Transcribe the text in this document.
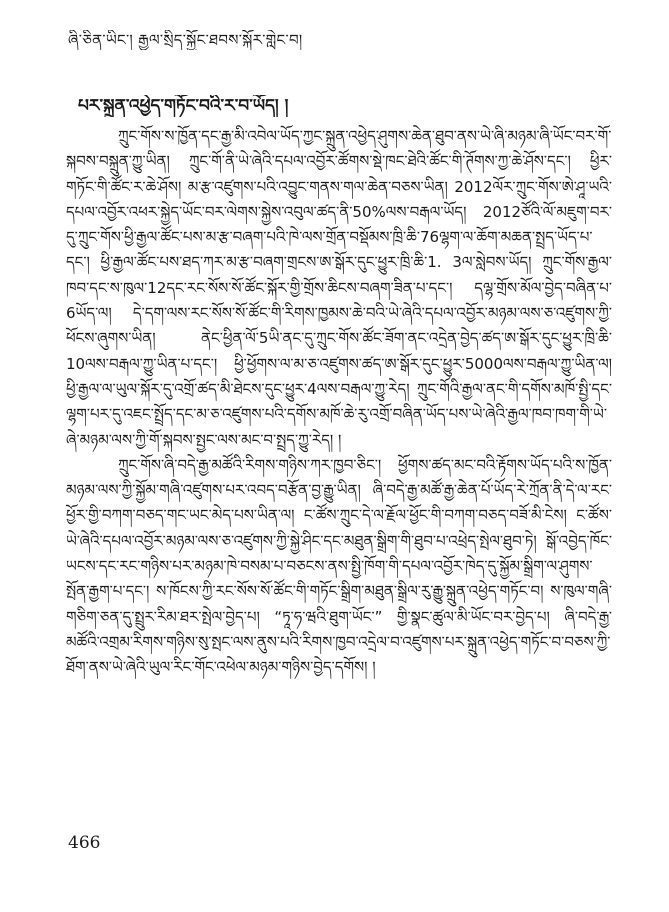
ཞི་ཅིན་ཡིང་། རྒྱལ་སྲིད་སྐྱོང་ཐབས་སྐོར་གླེང་བ།
པར་སྐྲུན་འཕྱེད་གཏོང་བའི་ར་བ་ཡོད། །

ཀྲུང་གོས་ས་ཁྱོན་དང་རྒྱ་མི་འབེལ་ཡོད་ཀྱང་སྐྲུན་འཕྱེད་ཤུགས་ཆེན་ཐུབ་ནས་ཡེ་ཞི་མཉམ་ཞི་ཡོང་བར་གོ་སྐབས་བསྐྲུན་ཀྱུ་ཡིན། ཀྲུང་གོ་ནི་ཡེ་ཞེའི་དཔལ་འབྱོར་ཚོགས་སྡེ་ཁང་ཐེའི་ཚོང་གི་ཊོགས་ཀྱ་ཆེ་ཤོས་དང་། ཕྱིར་གཏོང་གི་ཚོང་ར་ཆེ་ཤོས། མ་རྩ་འཛུགས་པའི་འབྱུང་གནས་གལ་ཆེན་བཅས་ཡིན། 2012ལོར་ཀྲུང་གོས་ཨེ་ཤཱ་ཡའི་དཔལ་འབྱོར་འཕར་སྐྱེད་ཡོང་བར་ལེགས་སྐྱེས་འབུལ་ཚད་ནི་50%ལས་བརྒལ་ཡོད། 2012ཙོའི་ལོ་མཇུག་བར་དུ་ཀྲུང་གོས་ཕྱི་རྒྱལ་ཚོང་པས་མ་རྩ་བཞག་པའི་ཁེ་ལས་གྲོན་བསྡོམས་ཁྲི་ཆི་76ལྷག་ལ་ཆོག་མཆན་སྤྲད་ཡོད་པ་དང་། ཕྱི་རྒྱལ་ཚོང་པས་ཐད་ཀར་མ་རྩ་བཞག་གྲངས་ཨ་སྒོར་དུང་ཕྱུར་ཁྲི་ཆི་1. 3ལ་སླེབས་ཡོད། ཀྲུང་གོས་རྒྱལ་ཁབ་དང་ས་ཁུལ་12དང་རང་སོས་སོ་ཚོང་སྐོར་གྱི་གྲོས་ཆིངས་བཞག་ཟིན་པ་དང་། དལྷ་གྲོས་མོལ་བྱེད་བཞིན་པ་6ཡོད་ལ། དེ་དག་ལས་རང་སོས་སོ་ཚོང་གི་རིགས་ཁྱམས་ཆེ་བའི་ཡེ་ཞེའི་དཔལ་འབྱོར་མཉམ་ལས་ཅ་འཛུགས་ཀྱི་ཕོངས་ཞུགས་ཡིན། ནེང་ཕྱིན་ལོ་5ཡི་ནང་དུ་ཀྲུང་གོས་ཚོང་ཟོག་ནང་འདྲེན་བྱེད་ཚད་ཨ་སྒོར་དུང་ཕྱུར་ཁྲི་ཆི་10ལས་བརྒལ་ཀྱུ་ཡིན་པ་དང་། ཕྱི་ཕྱོགས་ལ་མ་ཅ་འཛུགས་ཚད་ཨ་སྒོར་དུང་ཕྱུར་5000ལས་བརྒལ་ཀྱུ་ཡིན་ལ། ཕྱི་རྒྱལ་ལ་ཡུལ་སྐོར་དུ་འགྲོ་ཚད་མི་ཐེངས་དུང་ཕྱུར་4ལས་བརྒལ་ཀྱུ་རེད། ཀྲུང་གོའི་རྒྱལ་ནང་གི་དགོས་མཁོ་སྤྱི་དང་ལྷག་པར་དུ་འཇང་སྤྲོད་དང་མ་ཅ་འཛུགས་པའི་དགོས་མཁོ་ཆེ་རུ་འགྲོ་བཞིན་ཡོད་པས་ཡེ་ཞེའི་རྒྱལ་ཁབ་ཁག་གི་ཡེ་ཞེ་མཉམ་ལས་ཀྱི་གོ་སྐབས་སྤྱང་ལས་མང་བ་སྤྲད་ཀྱུ་རེད། །

ཀྲུང་གོས་ཞི་བདེ་རྒྱ་མཚོའི་རིགས་གཉིས་ཀར་ཁྱབ་ཅིང་། ཕྱོགས་ཚད་མང་བའི་རྟོགས་ཡོད་པའི་ས་ཁྱོན་མཉམ་ལས་ཀྱི་སྐྱོམ་གཞི་འཛུགས་པར་འབད་བརྩོན་བྱ་རྒྱུ་ཡིན། ཞི་བདེ་རྒྱ་མཚོ་རྒྱ་ཆེན་པོ་ཡོད་རེ་ཀྲོན་ནི་དེ་ལ་རང་ཕྱོར་གྱི་བཀག་བཅད་གང་ཡང་མེད་པས་ཡིན་ལ། ང་ཚོས་ཀྲུང་དེ་ལ་རྗོལ་ཕྱོང་གི་བཀག་བཅད་བཟོ་མི་ངེས། ང་ཚོས་ཡེ་ཞེའི་དཔལ་འབྱོར་མཉམ་ལས་ཅ་འཛུགས་ཀྱི་སྐྱེ་ཤིང་དང་མཐུན་སྒྲིག་གི་ཐུབ་པ་འཕྲེད་སྤེལ་ཐུབ་ཏེ། སྒོ་འབྱེད་ཁོང་ཡངས་དང་རང་གཉིས་པར་མཉམ་ཁེ་བསམ་པ་བཅངས་ནས་སྤྱི་ཁོག་གི་དཔལ་འབྱོར་ཁེད་དུ་སྐྱོམ་སྒྲིག་ལ་ཤུགས་སྤོན་རྒྱག་པ་དང་། ས་ཁོངས་ཀྱི་རང་སོས་སོ་ཚོང་གི་གཏོང་སྒྲིག་མཐུན་སྒྲིལ་རུ་རྒྱུ་སྐྲུན་འཕྱེད་གཏོང་བ། ས་ཁུལ་གཞི་གཅིག་ཅན་དུ་སྤྲུར་རིམ་ཐར་སྤེལ་བྱེད་པ། “ཏཱ་ཧ་ཝའི་ཐུག་ཡོང་” གྱི་སྣང་ཚུལ་མི་ཡོང་བར་བྱེད་པ། ཞི་བདེ་རྒྱ་མཚོའི་འགྲམ་རིགས་གཉིས་སུ་སྤང་ལས་ནུས་པའི་རིགས་ཁྱབ་འདྲེལ་བ་འཛུགས་པར་སྐྲུན་འཕྱེད་གཏོང་བ་བཅས་ཀྱི་ཐོག་ནས་ཡེ་ཞེའི་ཡུལ་རིང་གོང་འཕེལ་མཉམ་གཉིས་བྱེད་དགོས། །

466
